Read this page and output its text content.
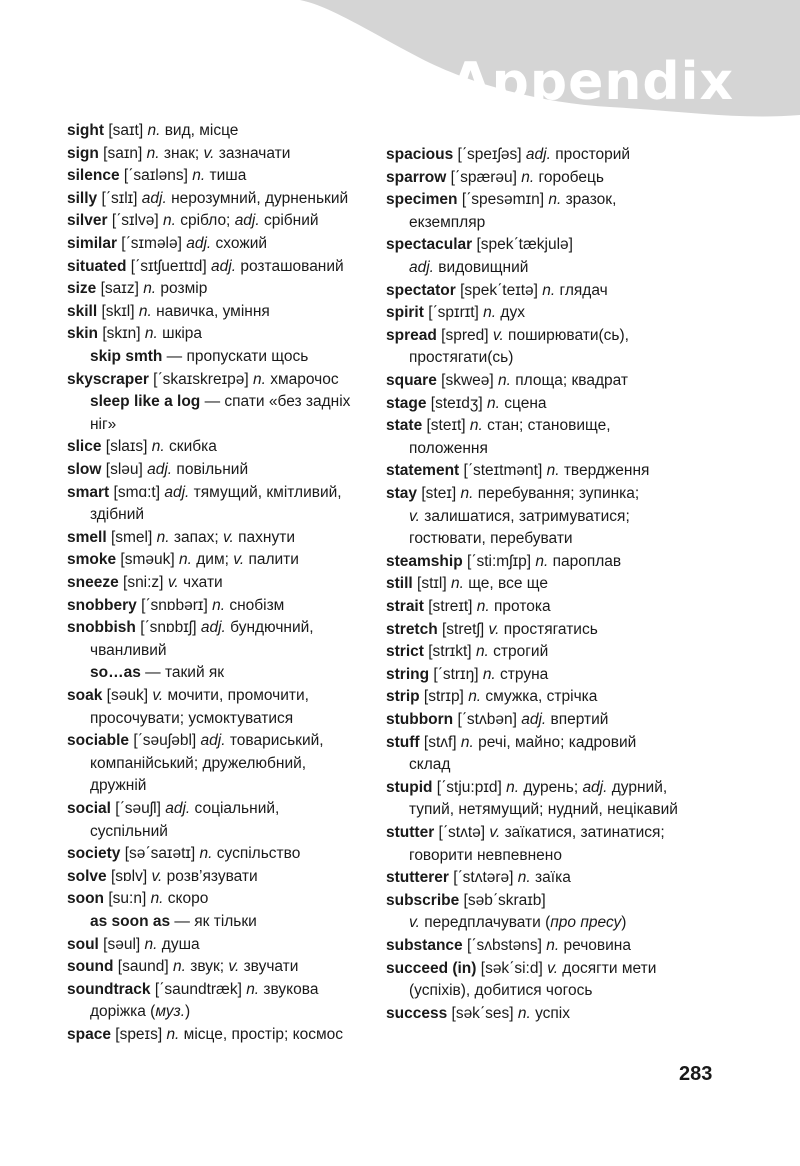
Appendix
sight [saɪt] n. вид, місце
sign [saɪn] n. знак; v. зазначати
silence [ˊsaɪləns] n. тиша
silly [ˊsɪlɪ] adj. нерозумний, дурненький
silver [ˊsɪlvə] n. срібло; adj. срібний
similar [ˊsɪmələ] adj. схожий
situated [ˊsɪtʃueɪtɪd] adj. розташований
size [saɪz] n. розмір
skill [skɪl] n. навичка, уміння
skin [skɪn] n. шкіра
skip smth — пропускати щось
skyscraper [ˊskaɪskreɪpə] n. хмарочос
sleep like a log — спати «без задніх
ніг»
slice [slaɪs] n. скибка
slow [sləu] adj. повільний
smart [smɑ:t] adj. тямущий, кмітливий,
здібний
smell [smel] n. запах; v. пахнути
smoke [sməuk] n. дим; v. палити
sneeze [sni:z] v. чхати
snobbery [ˊsnɒbərɪ] n. снобізм
snobbish [ˊsnɒbɪʃ] adj. бундючний,
чванливий
so…as — такий як
soak [səuk] v. мочити, промочити,
просочувати; усмоктуватися
sociable [ˊsəuʃəbl] adj. товариський,
компанійський; дружелюбний,
дружній
social [ˊsəuʃl] adj. соціальний,
суспільний
society [səˊsaɪətɪ] n. суспільство
solve [sɒlv] v. розв’язувати
soon [su:n] n. скоро
as soon as — як тільки
soul [səul] n. душа
sound [saund] n. звук; v. звучати
soundtrack [ˊsaundtræk] n. звукова
доріжка (муз.)
space [speɪs] n. місце, простір; космос
spacious [ˊspeɪʃəs] adj. просторий
sparrow [ˊspærəu] n. горобець
specimen [ˊspesəmɪn] n. зразок,
екземпляр
spectacular [spekˊtækjulə]
adj. видовищний
spectator [spekˊteɪtə] n. глядач
spirit [ˊspɪrɪt] n. дух
spread [spred] v. поширювати(сь),
простягати(сь)
square [skweə] n. площа; квадрат
stage [steɪdʒ] n. сцена
state [steɪt] n. стан; становище,
положення
statement [ˊsteɪtmənt] n. твердження
stay [steɪ] n. перебування; зупинка;
v. залишатися, затримуватися;
гостювати, перебувати
steamship [ˊsti:mʃɪp] n. пароплав
still [stɪl] n. ще, все ще
strait [streɪt] n. протока
stretch [stretʃ] v. простягатись
strict [strɪkt] n. строгий
string [ˊstrɪŋ] n. струна
strip [strɪp] n. смужка, стрічка
stubborn [ˊstʌbən] adj. впертий
stuff [stʌf] n. речі, майно; кадровий
склад
stupid [ˊstju:pɪd] n. дурень; adj. дурний,
тупий, нетямущий; нудний, нецікавий
stutter [ˊstʌtə] v. заїкатися, затинатися;
говорити невпевнено
stutterer [ˊstʌtərə] n. заїка
subscribe [səbˊskraɪb]
v. передплачувати (про пресу)
substance [ˊsʌbstəns] n. речовина
succeed (in) [səkˊsi:d] v. досягти мети
(успіхів), добитися чогось
success [səkˊses] n. успіх
283
